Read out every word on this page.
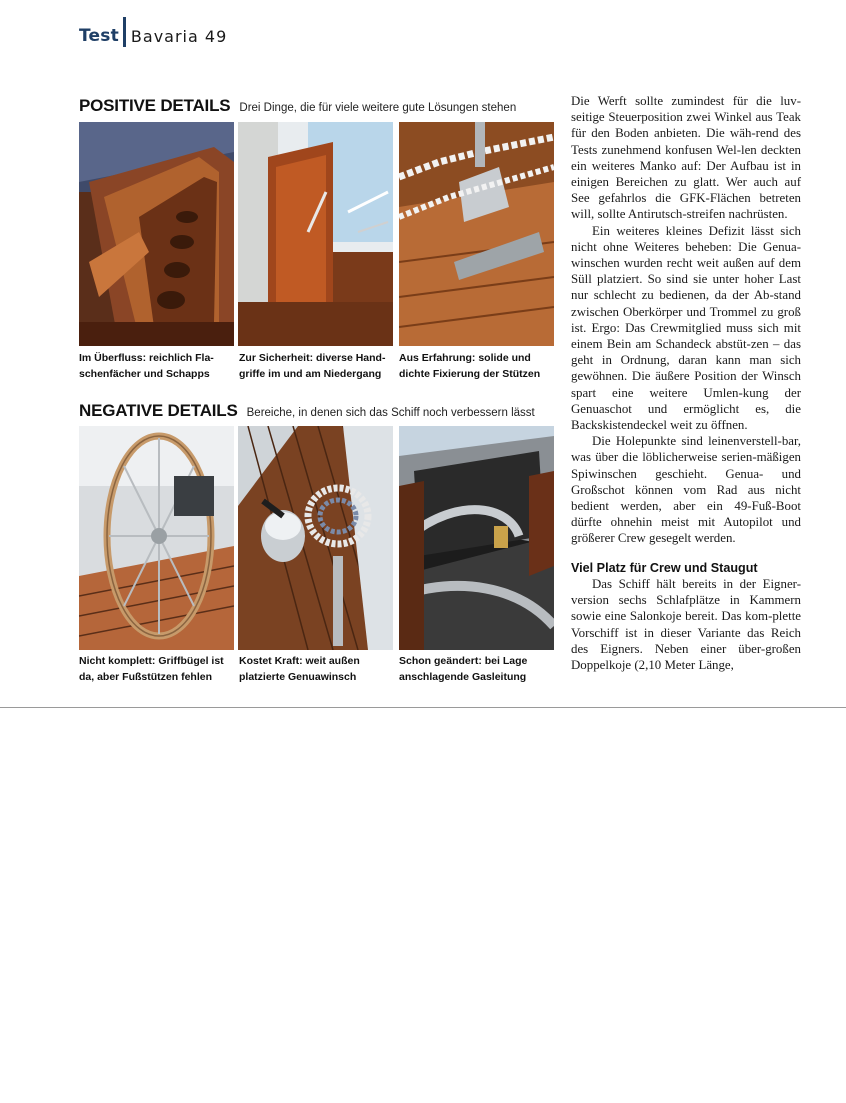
Test Bavaria 49
POSITIVE DETAILS Drei Dinge, die für viele weitere gute Lösungen stehen
Im Überfluss: reichlich Fla-
schenfächer und Schapps
Zur Sicherheit: diverse Hand-
griffe im und am Niedergang
Aus Erfahrung: solide und
dichte Fixierung der Stützen
NEGATIVE DETAILS Bereiche, in denen sich das Schiff noch verbessern lässt
Nicht komplett: Griffbügel ist
da, aber Fußstützen fehlen
Kostet Kraft: weit außen
platzierte Genuawinsch
Schon geändert: bei Lage
anschlagende Gasleitung

Die Werft sollte zumindest für die luv-seitige Steuerposition zwei Winkel aus Teak für den Boden anbieten. Die wäh-rend des Tests zunehmend konfusen Wel-len deckten ein weiteres Manko auf: Der Aufbau ist in einigen Bereichen zu glatt. Wer auch auf See gefahrlos die GFK-Flächen betreten will, sollte Antirutsch-streifen nachrüsten.

Ein weiteres kleines Defizit lässt sich nicht ohne Weiteres beheben: Die Genua-winschen wurden recht weit außen auf dem Süll platziert. So sind sie unter hoher Last nur schlecht zu bedienen, da der Ab-stand zwischen Oberkörper und Trommel zu groß ist. Ergo: Das Crewmitglied muss sich mit einem Bein am Schandeck abstüt-zen – das geht in Ordnung, daran kann man sich gewöhnen. Die äußere Position der Winsch spart eine weitere Umlen-kung der Genuaschot und ermöglicht es, die Backskistendeckel weit zu öffnen.

Die Holepunkte sind leinenverstell-bar, was über die löblicherweise serien-mäßigen Spiwinschen geschieht. Genua- und Großschot können vom Rad aus nicht bedient werden, aber ein 49-Fuß-Boot dürfte ohnehin meist mit Autopilot und größerer Crew gesegelt werden.

Viel Platz für Crew und Staugut

Das Schiff hält bereits in der Eigner-version sechs Schlafplätze in Kammern sowie eine Salonkoje bereit. Das kom-plette Vorschiff ist in dieser Variante das Reich des Eigners. Neben einer über-großen Doppelkoje (2,10 Meter Länge,
